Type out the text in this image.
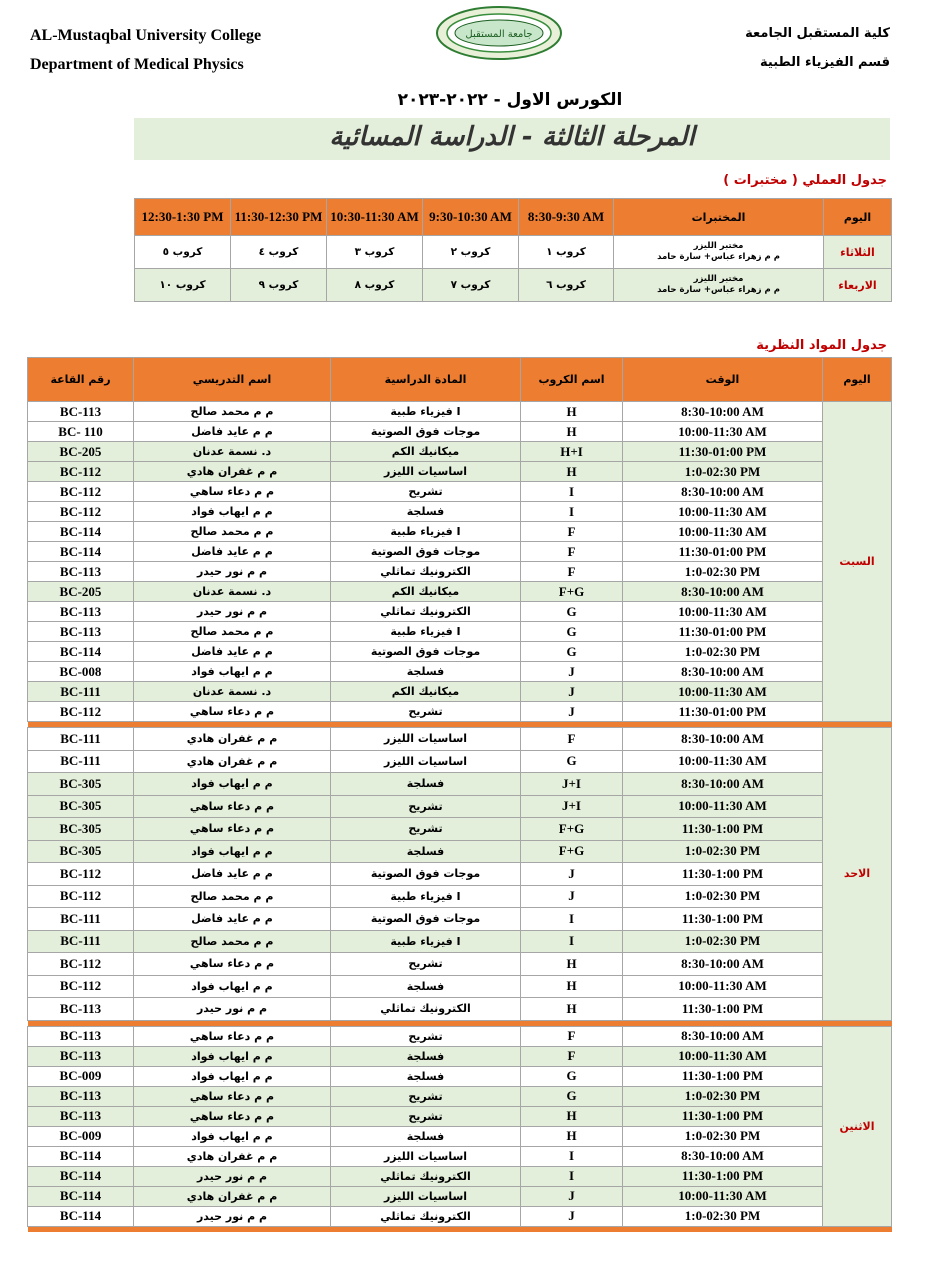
AL-Mustaqbal University College
Department of Medical Physics
كلية المستقبل الجامعة
قسم الفيزياء الطبية
جامعة المستقبل
الكورس الاول - ٢٠٢٢-٢٠٢٣
المرحلة الثالثة - الدراسة المسائية
جدول العملي ( مختبرات )
12:30-1:30 PM	11:30-12:30 PM	10:30-11:30 AM	9:30-10:30 AM	8:30-9:30 AM	المختبرات	اليوم
كروب ٥	كروب ٤	كروب ٣	كروب ٢	كروب ١	مختبر الليزر
م م زهراء عباس+ سارة حامد	الثلاثاء
كروب ١٠	كروب ٩	كروب ٨	كروب ٧	كروب ٦	مختبر الليزر
م م زهراء عباس+ سارة حامد	الاربعاء
جدول المواد النظرية
رقم القاعة	اسم التدريسي	المادة الدراسية	اسم الكروب	الوقت	اليوم
BC-113	م م محمد صالح	فيزياء طبية I	H	8:30-10:00 AM	السبت
BC- 110	م م عايد فاضل	موجات فوق الصوتية	H	10:00-11:30 AM	
BC-205	د. نسمة عدنان	ميكانيك الكم	H+I	11:30-01:00 PM	
BC-112	م م غفران هادي	اساسيات الليزر	H	1:0-02:30 PM	
BC-112	م م دعاء ساهي	تشريح	I	8:30-10:00 AM	
BC-112	م م ايهاب فواد	فسلجة	I	10:00-11:30 AM	
BC-114	م م محمد صالح	فيزياء طبية I	F	10:00-11:30 AM	
BC-114	م م عايد فاضل	موجات فوق الصوتية	F	11:30-01:00 PM	
BC-113	م م نور حيدر	الكترونيك تماثلي	F	1:0-02:30 PM	
BC-205	د. نسمة عدنان	ميكانيك الكم	F+G	8:30-10:00 AM	
BC-113	م م نور حيدر	الكترونيك تماثلي	G	10:00-11:30 AM	
BC-113	م م محمد صالح	فيزياء طبية I	G	11:30-01:00 PM	
BC-114	م م عايد فاضل	موجات فوق الصوتية	G	1:0-02:30 PM	
BC-008	م م ايهاب فواد	فسلجة	J	8:30-10:00 AM	
BC-111	د. نسمة عدنان	ميكانيك الكم	J	10:00-11:30 AM	
BC-112	م م دعاء ساهي	تشريح	J	11:30-01:00 PM	

BC-111	م م غفران هادي	اساسيات الليزر	F	8:30-10:00 AM	الاحد
BC-111	م م غفران هادي	اساسيات الليزر	G	10:00-11:30 AM	
BC-305	م م ايهاب فواد	فسلجة	J+I	8:30-10:00 AM	
BC-305	م م دعاء ساهي	تشريح	J+I	10:00-11:30 AM	
BC-305	م م دعاء ساهي	تشريح	F+G	11:30-1:00 PM	
BC-305	م م ايهاب فواد	فسلجة	F+G	1:0-02:30 PM	
BC-112	م م عايد فاضل	موجات فوق الصوتية	J	11:30-1:00 PM	
BC-112	م م محمد صالح	فيزياء طبية I	J	1:0-02:30 PM	
BC-111	م م عايد فاضل	موجات فوق الصوتية	I	11:30-1:00 PM	
BC-111	م م محمد صالح	فيزياء طبية I	I	1:0-02:30 PM	
BC-112	م م دعاء ساهي	تشريح	H	8:30-10:00 AM	
BC-112	م م ايهاب فواد	فسلجة	H	10:00-11:30 AM	
BC-113	م م نور حيدر	الكترونيك تماثلي	H	11:30-1:00 PM	

BC-113	م م دعاء ساهي	تشريح	F	8:30-10:00 AM	الاثنين
BC-113	م م ايهاب فواد	فسلجة	F	10:00-11:30 AM	
BC-009	م م ايهاب فواد	فسلجة	G	11:30-1:00 PM	
BC-113	م م دعاء ساهي	تشريح	G	1:0-02:30 PM	
BC-113	م م دعاء ساهي	تشريح	H	11:30-1:00 PM	
BC-009	م م ايهاب فواد	فسلجة	H	1:0-02:30 PM	
BC-114	م م غفران هادي	اساسيات الليزر	I	8:30-10:00 AM	
BC-114	م م نور حيدر	الكترونيك تماثلي	I	11:30-1:00 PM	
BC-114	م م غفران هادي	اساسيات الليزر	J	10:00-11:30 AM	
BC-114	م م نور حيدر	الكترونيك تماثلي	J	1:0-02:30 PM	
